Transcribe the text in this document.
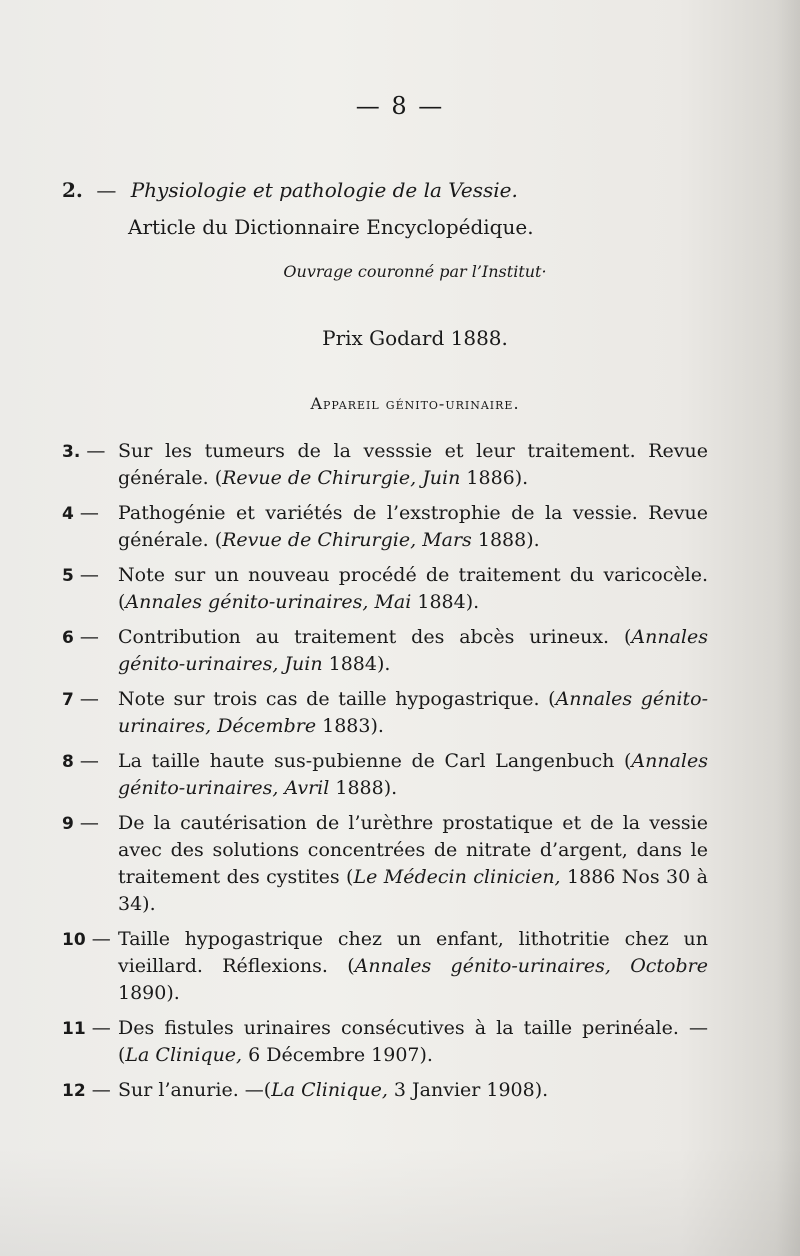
— 8 —
2. — Physiologie et pathologie de la Vessie.
Article du Dictionnaire Encyclopédique.
Ouvrage couronné par l’Institut·
Prix Godard 1888.
Appareil génito-urinaire.
3. — Sur les tumeurs de la vesssie et leur traitement. Revue générale. (Revue de Chirurgie, Juin 1886).
4 —	Pathogénie et variétés de l’exstrophie de la vessie. Revue générale. (Revue de Chirurgie, Mars 1888).
5 —	Note sur un nouveau procédé de traitement du varicocèle. (Annales génito-urinaires, Mai 1884).
6 —	Contribution au traitement des abcès urineux. (Annales génito-urinaires, Juin 1884).
7 —	Note sur trois cas de taille hypogastrique. (Annales génito-urinaires, Décembre 1883).
8 —	La taille haute sus-pubienne de Carl Langenbuch (Annales génito-urinaires, Avril 1888).
9 —	De la cautérisation de l’urèthre prostatique et de la vessie avec des solutions concentrées de nitrate d’argent, dans le traitement des cystites (Le Médecin clinicien, 1886 Nos 30 à 34).
10 — Taille hypogastrique chez un enfant, lithotritie chez un vieillard. Réflexions. (Annales génito-urinaires, Octobre 1890).
11 — Des fistules urinaires consécutives à la taille perinéale. — (La Clinique, 6 Décembre 1907).
12 — Sur l’anurie. —(La Clinique, 3 Janvier 1908).
